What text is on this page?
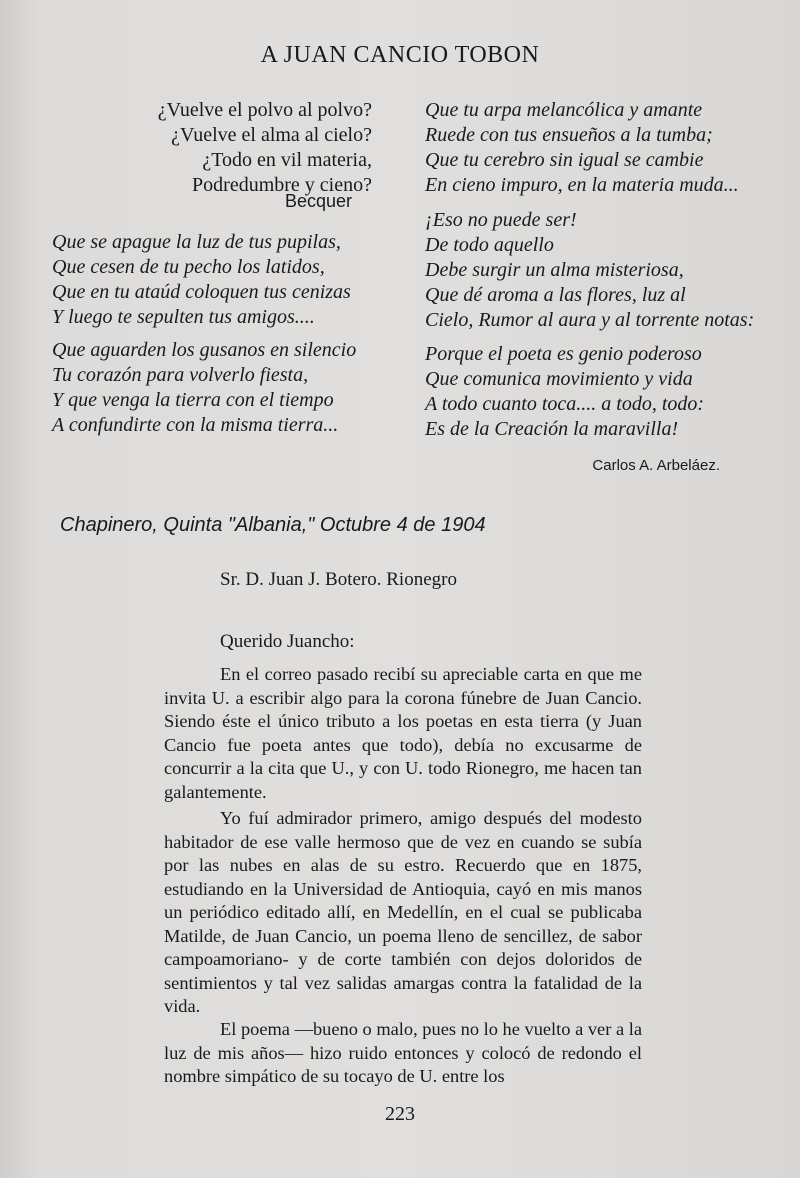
A JUAN CANCIO TOBON
¿Vuelve el polvo al polvo?
¿Vuelve el alma al cielo?
¿Todo en vil materia,
Podredumbre y cieno?
Becquer
Que se apague la luz de tus pupilas,
Que cesen de tu pecho los latidos,
Que en tu ataúd coloquen tus cenizas
Y luego te sepulten tus amigos....
Que aguarden los gusanos en silencio
Tu corazón para volverlo fiesta,
Y que venga la tierra con el tiempo
A confundirte con la misma tierra...
Que tu arpa melancólica y amante
Ruede con tus ensueños a la tumba;
Que tu cerebro sin igual se cambie
En cieno impuro, en la materia muda...
¡Eso no puede ser!
De todo aquello
Debe surgir un alma misteriosa,
Que dé aroma a las flores, luz al
Cielo, Rumor al aura y al torrente notas:
Porque el poeta es genio poderoso
Que comunica movimiento y vida
A todo cuanto toca.... a todo, todo:
Es de la Creación la maravilla!
Carlos A. Arbeláez.
Chapinero, Quinta "Albania," Octubre 4 de 1904
Sr. D. Juan J. Botero. Rionegro
Querido Juancho:
En el correo pasado recibí su apreciable carta en que me invita U. a escribir algo para la corona fúnebre de Juan Cancio. Siendo éste el único tributo a los poetas en esta tierra (y Juan Cancio fue poeta antes que todo), debía no excusarme de concurrir a la cita que U., y con U. todo Rionegro, me hacen tan galantemente.
Yo fuí admirador primero, amigo después del modesto habitador de ese valle hermoso que de vez en cuando se subía por las nubes en alas de su estro. Recuerdo que en 1875, estudiando en la Universidad de Antioquia, cayó en mis manos un periódico editado allí, en Medellín, en el cual se publicaba Matilde, de Juan Cancio, un poema lleno de sencillez, de sabor campoamoriano- y de corte también con dejos doloridos de sentimientos y tal vez salidas amargas contra la fatalidad de la vida.
El poema —bueno o malo, pues no lo he vuelto a ver a la luz de mis años— hizo ruido entonces y colocó de redondo el nombre simpático de su tocayo de U. entre los
223
